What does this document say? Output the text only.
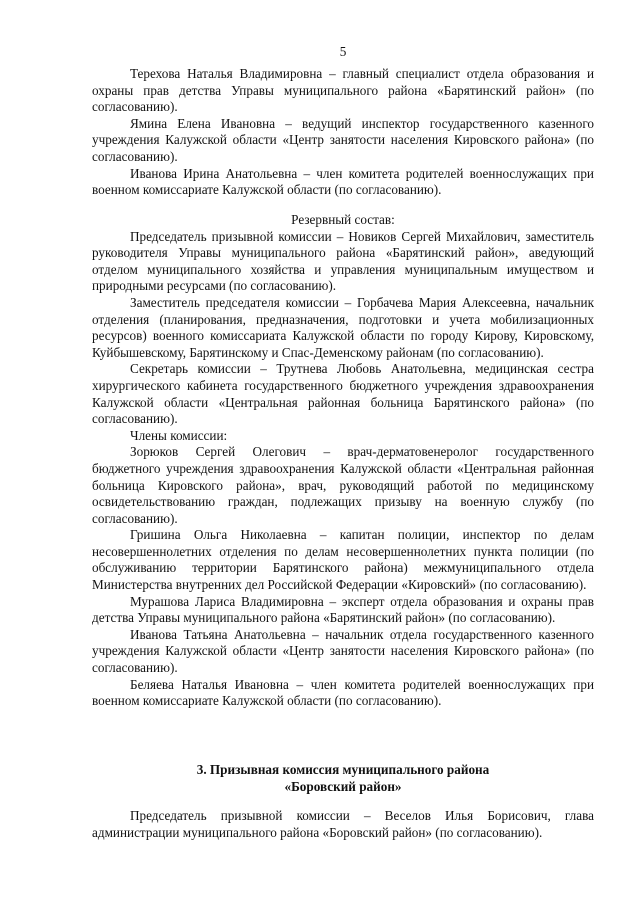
5

Терехова Наталья Владимировна – главный специалист отдела образования и охраны прав детства Управы муниципального района «Барятинский район» (по согласованию).

Ямина Елена Ивановна – ведущий инспектор государственного казенного учреждения Калужской области «Центр занятости населения Кировского района» (по согласованию).

Иванова Ирина Анатольевна – член комитета родителей военнослужащих при военном комиссариате Калужской области (по согласованию).

Резервный состав:

Председатель призывной комиссии – Новиков Сергей Михайлович, заместитель руководителя Управы муниципального района «Барятинский район», аведующий отделом муниципального хозяйства и управления муниципальным имуществом и природными ресурсами (по согласованию).

Заместитель председателя комиссии – Горбачева Мария Алексеевна, начальник отделения (планирования, предназначения, подготовки и учета мобилизационных ресурсов) военного комиссариата Калужской области по городу Кирову, Кировскому, Куйбышевскому, Барятинскому и Спас-Деменскому районам (по согласованию).

Секретарь комиссии – Трутнева Любовь Анатольевна, медицинская сестра хирургического кабинета государственного бюджетного учреждения здравоохранения Калужской области «Центральная районная больница Барятинского района» (по согласованию).

Члены комиссии:

Зорюков Сергей Олегович – врач-дерматовенеролог государственного бюджетного учреждения здравоохранения Калужской области «Центральная районная больница Кировского района», врач, руководящий работой по медицинскому освидетельствованию граждан, подлежащих призыву на военную службу (по согласованию).

Гришина Ольга Николаевна – капитан полиции, инспектор по делам несовершеннолетних отделения по делам несовершеннолетних пункта полиции (по обслуживанию территории Барятинского района) межмуниципального отдела Министерства внутренних дел Российской Федерации «Кировский» (по согласованию).

Мурашова Лариса Владимировна – эксперт отдела образования и охраны прав детства Управы муниципального района «Барятинский район» (по согласованию).

Иванова Татьяна Анатольевна – начальник отдела государственного казенного учреждения Калужской области «Центр занятости населения Кировского района» (по согласованию).

Беляева Наталья Ивановна – член комитета родителей военнослужащих при военном комиссариате Калужской области (по согласованию).

3. Призывная комиссия муниципального района

«Боровский район»

Председатель призывной комиссии – Веселов Илья Борисович, глава администрации муниципального района «Боровский район» (по согласованию).
